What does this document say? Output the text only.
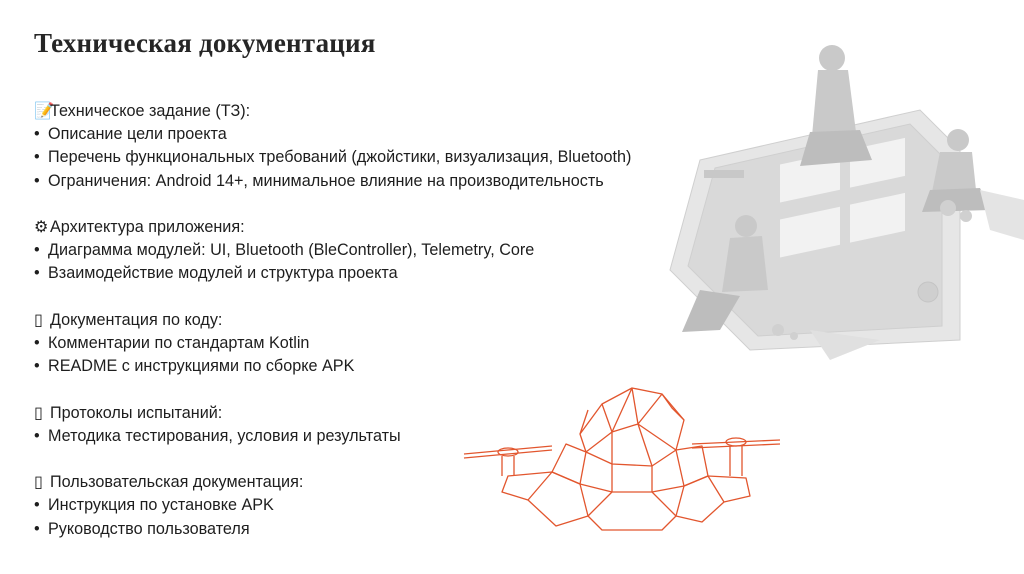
Техническая документация
📝Техническое задание (ТЗ):
• Описание цели проекта
• Перечень функциональных требований (джойстики, визуализация, Bluetooth)
• Ограничения: Android 14+, минимальное влияние на производительность
⚙Архитектура приложения:
• Диаграмма модулей: UI, Bluetooth (BleController), Telemetry, Core
• Взаимодействие модулей и структура проекта
▯ Документация по коду:
• Комментарии по стандартам Kotlin
• README с инструкциями по сборке APK
▯ Протоколы испытаний:
• Методика тестирования, условия и результаты
▯ Пользовательская документация:
• Инструкция по установке APK
• Руководство пользователя
